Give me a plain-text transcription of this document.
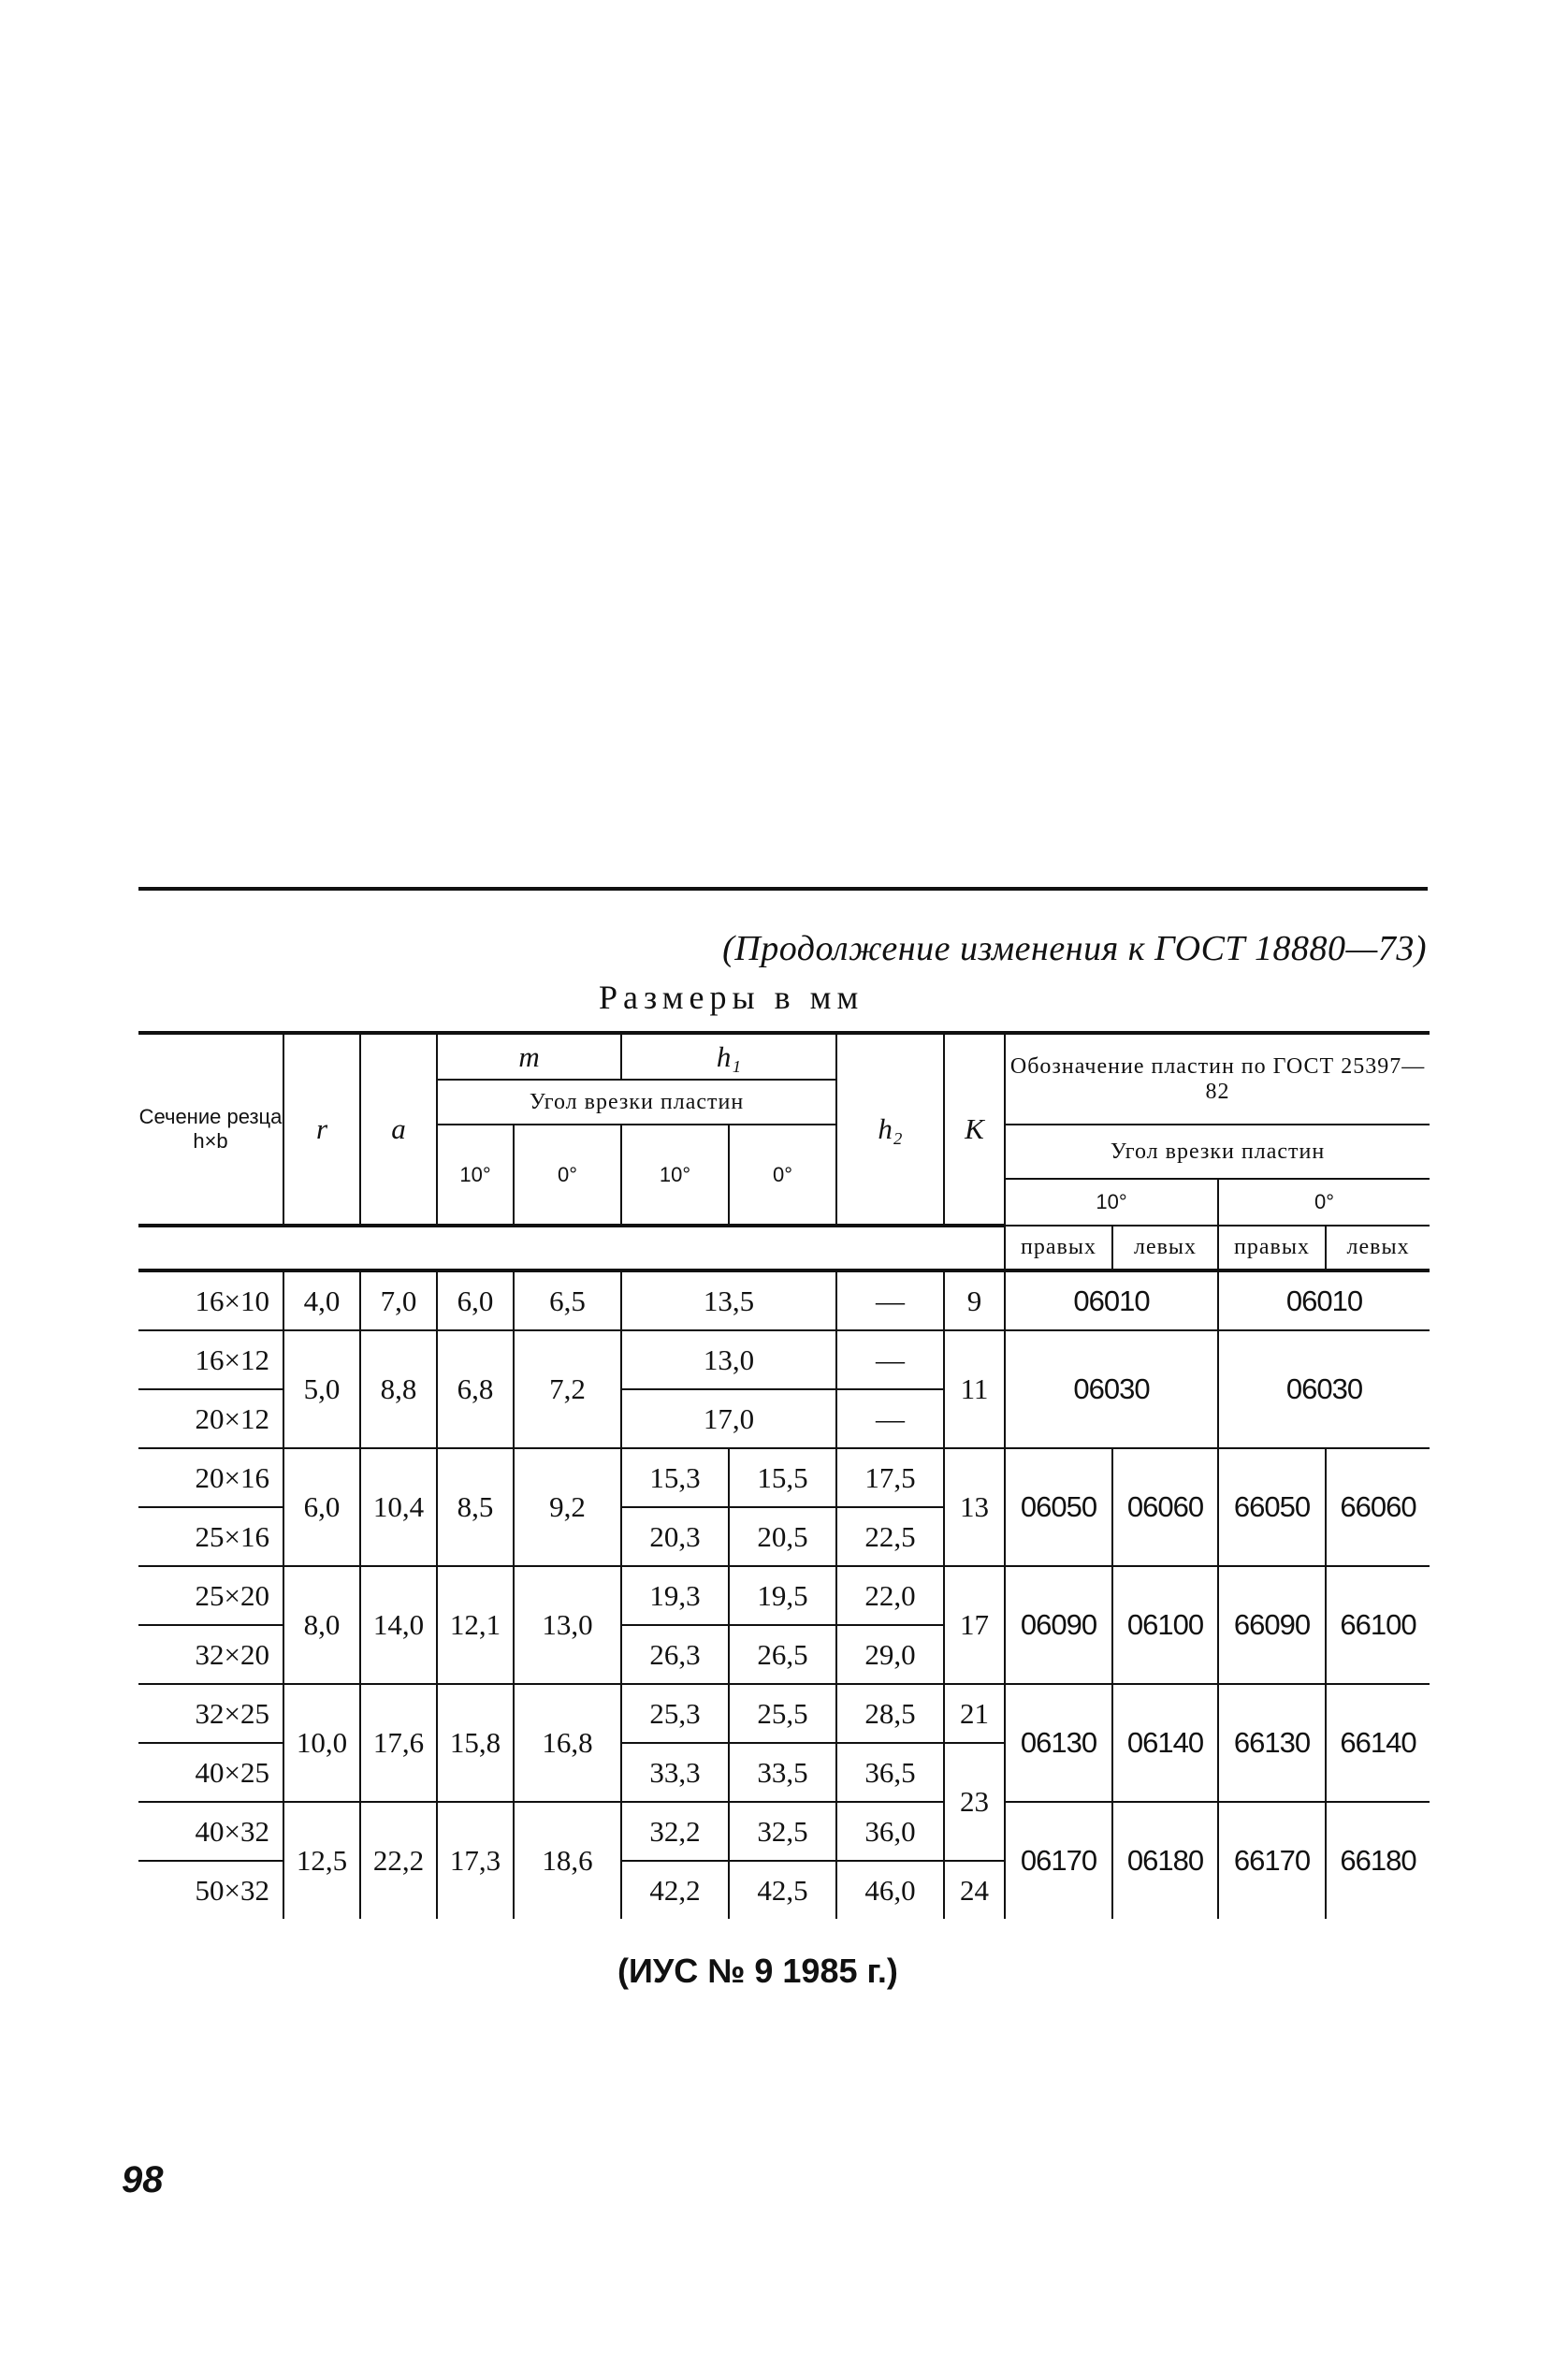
(Продолжение изменения к ГОСТ 18880—73)
Размеры в мм
Сечение резца h×b	r	a	m		h₁		h₂	K	Обозначение пластин по ГОСТ 25397—82			
			Угол врезки пластин									
			10°	0°	10°	0°			Угол врезки пластин			
									10°		0°	
									правых	левых	правых	левых
16×10	4,0	7,0	6,0	6,5	13,5		—	9	06010		06010	
16×12	5,0	8,8	6,8	7,2	13,0		—	11	06030		06030	
20×12					17,0		—					
20×16	6,0	10,4	8,5	9,2	15,3	15,5	17,5	13	06050	06060	66050	66060
25×16					20,3	20,5	22,5					
25×20	8,0	14,0	12,1	13,0	19,3	19,5	22,0	17	06090	06100	66090	66100
32×20					26,3	26,5	29,0					
32×25	10,0	17,6	15,8	16,8	25,3	25,5	28,5	21	06130	06140	66130	66140
40×25					33,3	33,5	36,5	23				
40×32	12,5	22,2	17,3	18,6	32,2	32,5	36,0		06170	06180	66170	66180
50×32					42,2	42,5	46,0	24				
(ИУС № 9 1985 г.)
98
